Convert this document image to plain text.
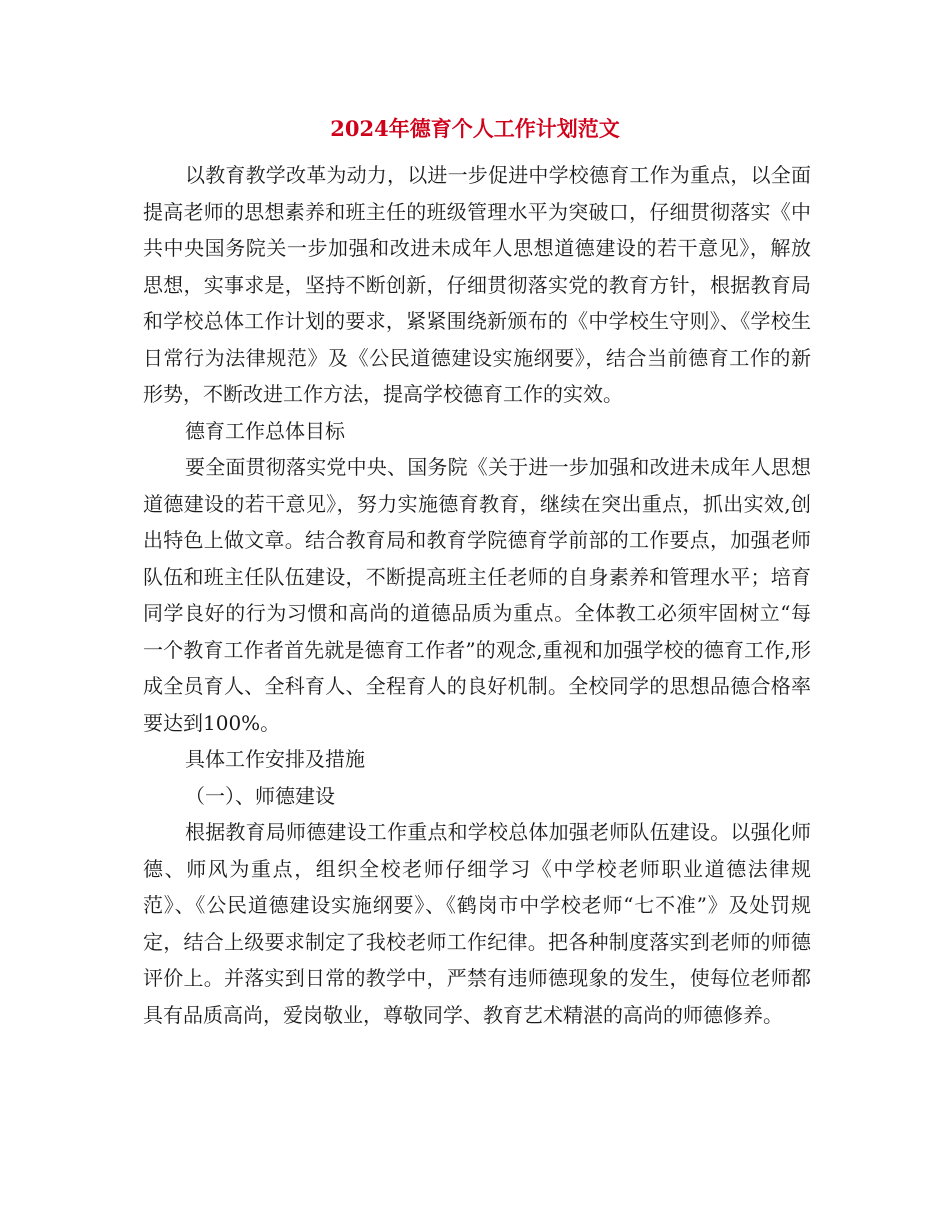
2024年德育个人工作计划范文

以教育教学改革为动力，以进一步促进中学校德育工作为重点，以全面提高老师的思想素养和班主任的班级管理水平为突破口，仔细贯彻落实《中共中央国务院关一步加强和改进未成年人思想道德建设的若干意见》，解放思想，实事求是，坚持不断创新，仔细贯彻落实党的教育方针，根据教育局和学校总体工作计划的要求，紧紧围绕新颁布的《中学校生守则》、《学校生日常行为法律规范》及《公民道德建设实施纲要》，结合当前德育工作的新形势，不断改进工作方法，提高学校德育工作的实效。

德育工作总体目标

要全面贯彻落实党中央、国务院《关于进一步加强和改进未成年人思想道德建设的若干意见》，努力实施德育教育，继续在突出重点，抓出实效,创出特色上做文章。结合教育局和教育学院德育学前部的工作要点，加强老师队伍和班主任队伍建设，不断提高班主任老师的自身素养和管理水平；培育同学良好的行为习惯和高尚的道德品质为重点。全体教工必须牢固树立“每一个教育工作者首先就是德育工作者”的观念,重视和加强学校的德育工作,形成全员育人、全科育人、全程育人的良好机制。全校同学的思想品德合格率要达到100%。

具体工作安排及措施

（一）、师德建设

根据教育局师德建设工作重点和学校总体加强老师队伍建设。以强化师德、师风为重点，组织全校老师仔细学习《中学校老师职业道德法律规范》、《公民道德建设实施纲要》、《鹤岗市中学校老师“七不准”》及处罚规定，结合上级要求制定了我校老师工作纪律。把各种制度落实到老师的师德评价上。并落实到日常的教学中，严禁有违师德现象的发生，使每位老师都具有品质高尚，爱岗敬业，尊敬同学、教育艺术精湛的高尚的师德修养。
